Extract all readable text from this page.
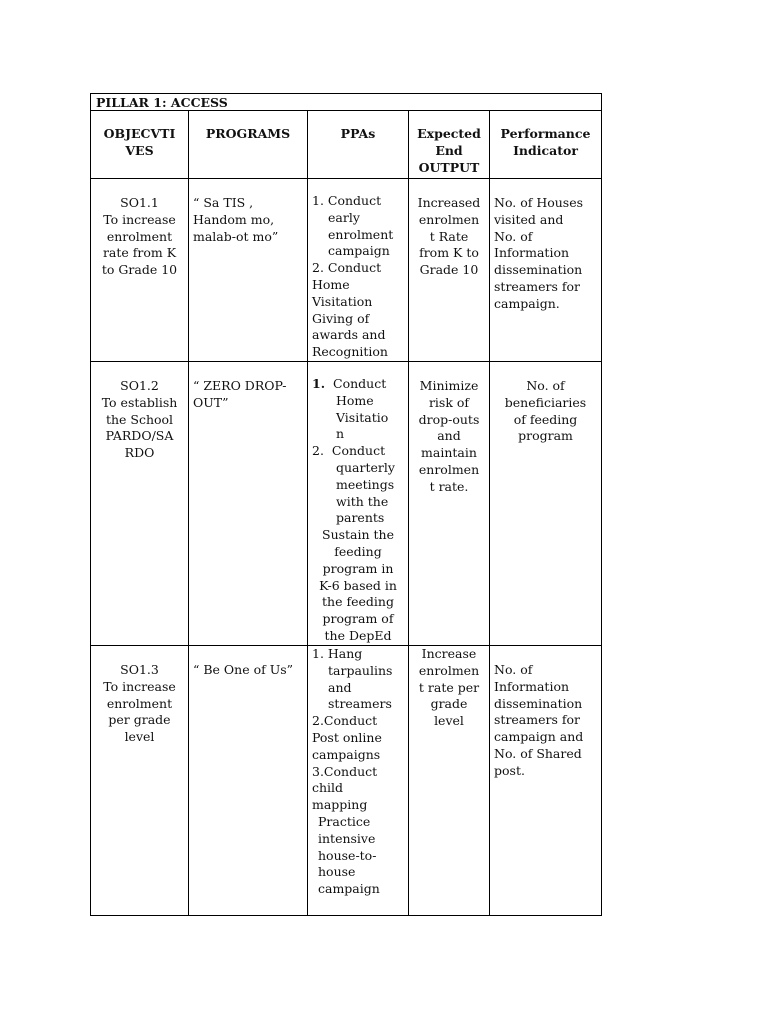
PILLAR 1: ACCESS
OBJECVTI
VES
PROGRAMS	PPAs	Expected
End
OUTPUT
Performance
Indicator
SO1.1
To increase
enrolment
rate from K
to Grade 10
“ Sa TIS ,
Handom mo,
malab-ot mo”
1. Conduct
early
enrolment
campaign
2. Conduct
Home
Visitation
Giving of
awards and
Recognition
Increased
enrolmen
t Rate
from K to
Grade 10
No. of Houses
visited and
No. of
Information
dissemination
streamers for
campaign.
SO1.2
To establish
the School
PARDO/SA
RDO
“ ZERO DROP-
OUT”
1. Conduct
Home
Visitatio
n
2. Conduct
quarterly
meetings
with the
parents
Sustain the
feeding
program in
K-6 based in
the feeding
program of
the DepEd
Minimize
risk of
drop-outs
and
maintain
enrolmen
t rate.
No. of
beneficiaries
of feeding
program
SO1.3
To increase
enrolment
per grade
level
“ Be One of Us”
1. Hang
tarpaulins
and
streamers
2.Conduct
Post online
campaigns
3.Conduct
child
mapping
Practice
intensive
house-to-
house
campaign
Increase
enrolmen
t rate per
grade
level
No. of
Information
dissemination
streamers for
campaign and
No. of Shared
post.
